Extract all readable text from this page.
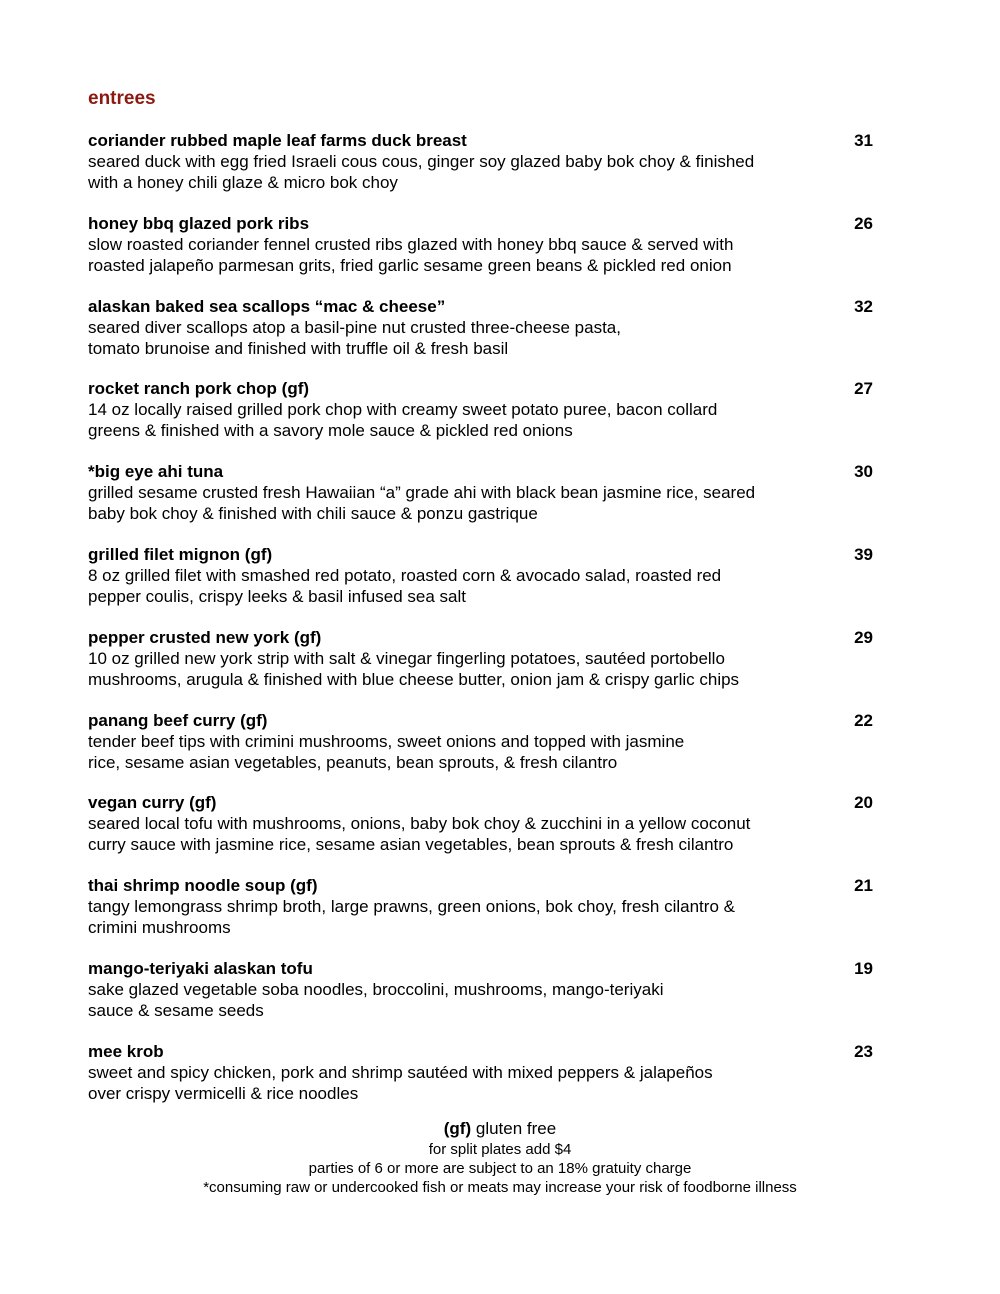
entrees
coriander rubbed maple leaf farms duck breast	31
seared duck with egg fried Israeli cous cous, ginger soy glazed baby bok choy & finished
with a honey chili glaze & micro bok choy
honey bbq glazed pork ribs	26
slow roasted coriander fennel crusted ribs glazed with honey bbq sauce & served with
roasted jalapeño parmesan grits, fried garlic sesame green beans & pickled red onion
alaskan baked sea scallops “mac & cheese”	32
seared diver scallops atop a basil-pine nut crusted three-cheese pasta,
tomato brunoise and finished with truffle oil & fresh basil
rocket ranch pork chop (gf)	27
14 oz locally raised grilled pork chop with creamy sweet potato puree, bacon collard
greens & finished with a savory mole sauce & pickled red onions
*big eye ahi tuna	30
grilled sesame crusted fresh Hawaiian “a” grade ahi with black bean jasmine rice, seared
baby bok choy & finished with chili sauce & ponzu gastrique
grilled filet mignon (gf)	39
8 oz grilled filet with smashed red potato, roasted corn & avocado salad, roasted red
pepper coulis, crispy leeks & basil infused sea salt
pepper crusted new york (gf)	29
10 oz grilled new york strip with salt & vinegar fingerling potatoes, sautéed portobello
mushrooms, arugula & finished with blue cheese butter, onion jam & crispy garlic chips
panang beef curry (gf)	22
tender beef tips with crimini mushrooms, sweet onions and topped with jasmine
rice, sesame asian vegetables, peanuts, bean sprouts, & fresh cilantro
vegan curry (gf)	20
seared local tofu with mushrooms, onions, baby bok choy & zucchini in a yellow coconut
curry sauce with jasmine rice, sesame asian vegetables, bean sprouts & fresh cilantro
thai shrimp noodle soup (gf)	21
tangy lemongrass shrimp broth, large prawns, green onions, bok choy, fresh cilantro &
crimini mushrooms
mango-teriyaki alaskan tofu	19
sake glazed vegetable soba noodles, broccolini, mushrooms, mango-teriyaki
sauce & sesame seeds
mee krob	23
sweet and spicy chicken, pork and shrimp sautéed with mixed peppers & jalapeños
over crispy vermicelli & rice noodles
(gf) gluten free
for split plates add $4
parties of 6 or more are subject to an 18% gratuity charge
*consuming raw or undercooked fish or meats may increase your risk of foodborne illness
